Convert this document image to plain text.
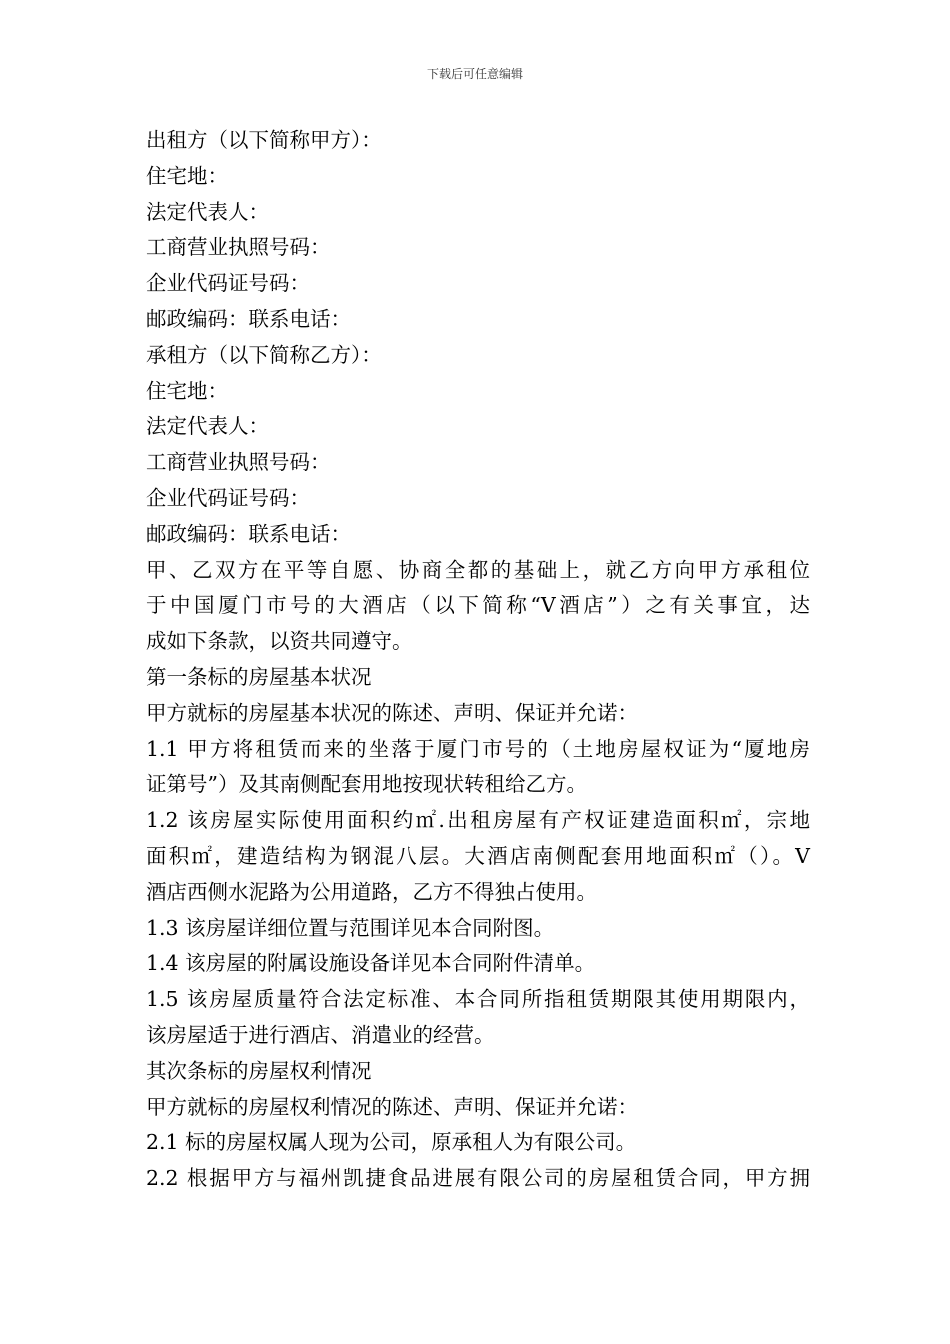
下载后可任意编辑
出租方（以下简称甲方）：
住宅地：
法定代表人：
工商营业执照号码：
企业代码证号码：
邮政编码：联系电话：
承租方（以下简称乙方）：
住宅地：
法定代表人：
工商营业执照号码：
企业代码证号码：
邮政编码：联系电话：
甲、乙双方在平等自愿、协商全都的基础上，就乙方向甲方承租位
于中国厦门市号的大酒店（以下简称“V酒店”）之有关事宜，达
成如下条款，以资共同遵守。
第一条标的房屋基本状况
甲方就标的房屋基本状况的陈述、声明、保证并允诺：
1.1 甲方将租赁而来的坐落于厦门市号的（土地房屋权证为“厦地房
证第号”）及其南侧配套用地按现状转租给乙方。
1.2 该房屋实际使用面积约㎡.出租房屋有产权证建造面积㎡，宗地
面积㎡，建造结构为钢混八层。大酒店南侧配套用地面积㎡（）。V
酒店西侧水泥路为公用道路，乙方不得独占使用。
1.3 该房屋详细位置与范围详见本合同附图。
1.4 该房屋的附属设施设备详见本合同附件清单。
1.5 该房屋质量符合法定标准、本合同所指租赁期限其使用期限内，
该房屋适于进行酒店、消遣业的经营。
其次条标的房屋权利情况
甲方就标的房屋权利情况的陈述、声明、保证并允诺：
2.1 标的房屋权属人现为公司，原承租人为有限公司。
2.2 根据甲方与福州凯捷食品进展有限公司的房屋租赁合同，甲方拥
